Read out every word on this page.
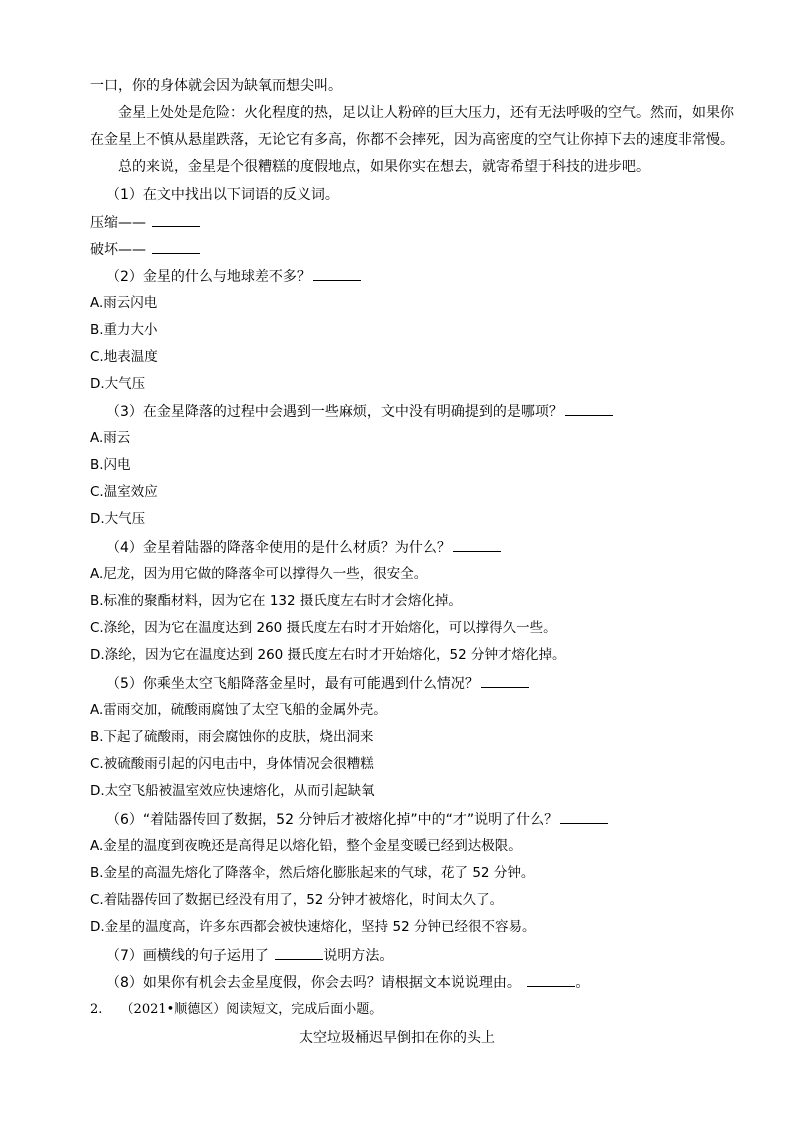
一口，你的身体就会因为缺氧而想尖叫。
金星上处处是危险：火化程度的热，足以让人粉碎的巨大压力，还有无法呼吸的空气。然而，如果你
在金星上不慎从悬崖跌落，无论它有多高，你都不会摔死，因为高密度的空气让你掉下去的速度非常慢。
总的来说，金星是个很糟糕的度假地点，如果你实在想去，就寄希望于科技的进步吧。
（1）在文中找出以下词语的反义词。
压缩——
破坏——
（2）金星的什么与地球差不多？
A.雨云闪电
B.重力大小
C.地表温度
D.大气压
（3）在金星降落的过程中会遇到一些麻烦，文中没有明确提到的是哪项？
A.雨云
B.闪电
C.温室效应
D.大气压
（4）金星着陆器的降落伞使用的是什么材质？为什么？
A.尼龙，因为用它做的降落伞可以撑得久一些，很安全。
B.标准的聚酯材料，因为它在 132 摄氏度左右时才会熔化掉。
C.涤纶，因为它在温度达到 260 摄氏度左右时才开始熔化，可以撑得久一些。
D.涤纶，因为它在温度达到 260 摄氏度左右时才开始熔化，52 分钟才熔化掉。
（5）你乘坐太空飞船降落金星时，最有可能遇到什么情况？
A.雷雨交加，硫酸雨腐蚀了太空飞船的金属外壳。
B.下起了硫酸雨，雨会腐蚀你的皮肤，烧出洞来
C.被硫酸雨引起的闪电击中，身体情况会很糟糕
D.太空飞船被温室效应快速熔化，从而引起缺氧
（6）“着陆器传回了数据，52 分钟后才被熔化掉”中的“才”说明了什么？
A.金星的温度到夜晚还是高得足以熔化铅，整个金星变暖已经到达极限。
B.金星的高温先熔化了降落伞，然后熔化膨胀起来的气球，花了 52 分钟。
C.着陆器传回了数据已经没有用了，52 分钟才被熔化，时间太久了。
D.金星的温度高，许多东西都会被快速熔化，坚持 52 分钟已经很不容易。
（7）画横线的句子运用了	说明方法。
（8）如果你有机会去金星度假，你会去吗？请根据文本说说理由。	。
2. （2021•顺德区）阅读短文，完成后面小题。
太空垃圾桶迟早倒扣在你的头上
